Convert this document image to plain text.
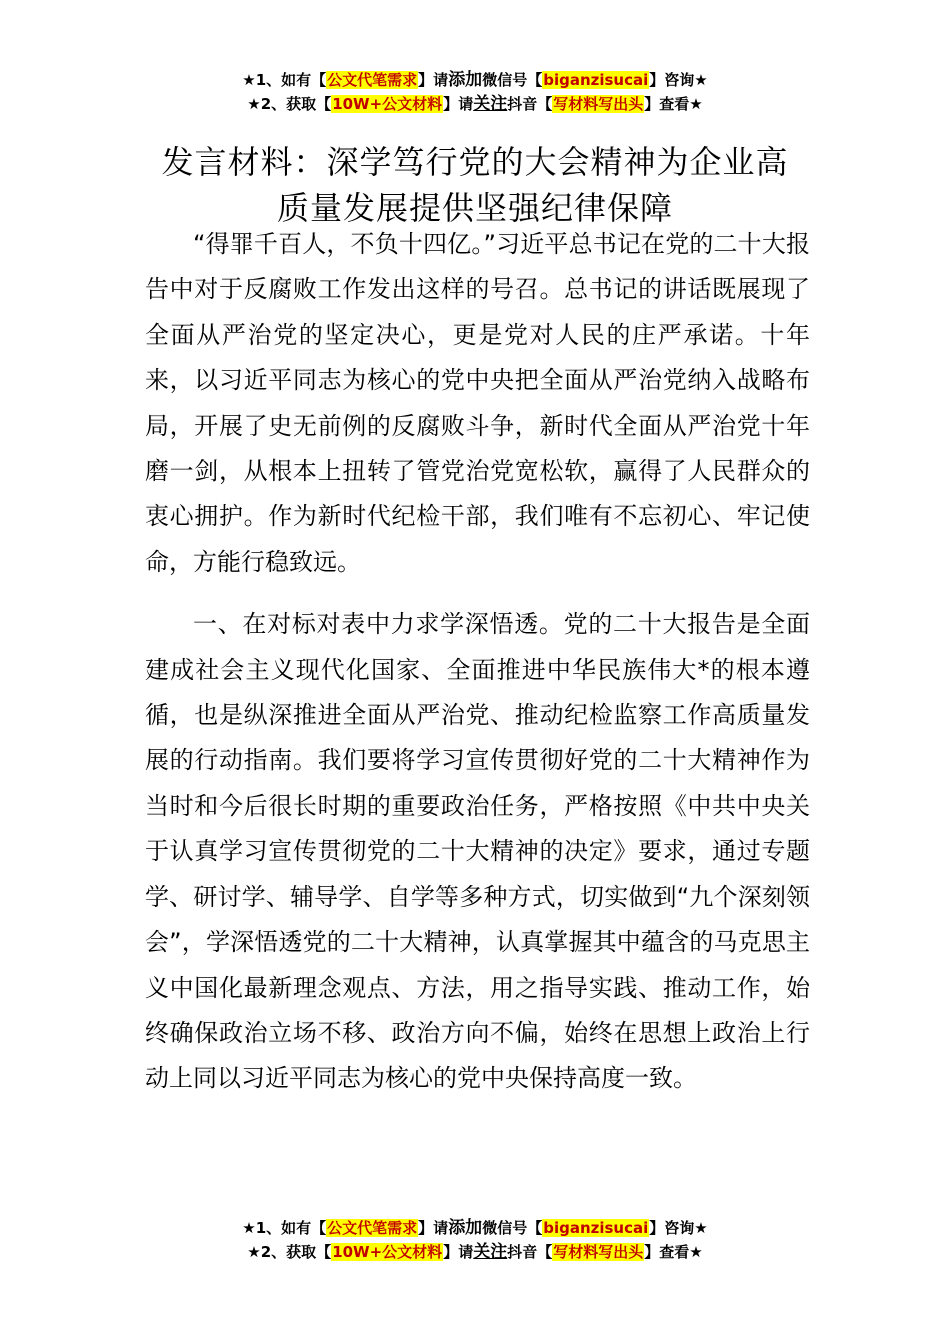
★1、如有【公文代笔需求】请添加微信号【biganzisucai】咨询★
★2、获取【10W+公文材料】请关注抖音【写材料写出头】查看★
发言材料：深学笃行党的大会精神为企业高
质量发展提供坚强纪律保障

“得罪千百人，不负十四亿。”习近平总书记在党的二十大报告中对于反腐败工作发出这样的号召。总书记的讲话既展现了全面从严治党的坚定决心，更是党对人民的庄严承诺。十年来，以习近平同志为核心的党中央把全面从严治党纳入战略布局，开展了史无前例的反腐败斗争，新时代全面从严治党十年磨一剑，从根本上扭转了管党治党宽松软，赢得了人民群众的衷心拥护。作为新时代纪检干部，我们唯有不忘初心、牢记使命，方能行稳致远。

一、在对标对表中力求学深悟透。党的二十大报告是全面建成社会主义现代化国家、全面推进中华民族伟大*的根本遵循，也是纵深推进全面从严治党、推动纪检监察工作高质量发展的行动指南。我们要将学习宣传贯彻好党的二十大精神作为当时和今后很长时期的重要政治任务，严格按照《中共中央关于认真学习宣传贯彻党的二十大精神的决定》要求，通过专题学、研讨学、辅导学、自学等多种方式，切实做到“九个深刻领会”，学深悟透党的二十大精神，认真掌握其中蕴含的马克思主义中国化最新理念观点、方法，用之指导实践、推动工作，始终确保政治立场不移、政治方向不偏，始终在思想上政治上行动上同以习近平同志为核心的党中央保持高度一致。

★1、如有【公文代笔需求】请添加微信号【biganzisucai】咨询★
★2、获取【10W+公文材料】请关注抖音【写材料写出头】查看★
